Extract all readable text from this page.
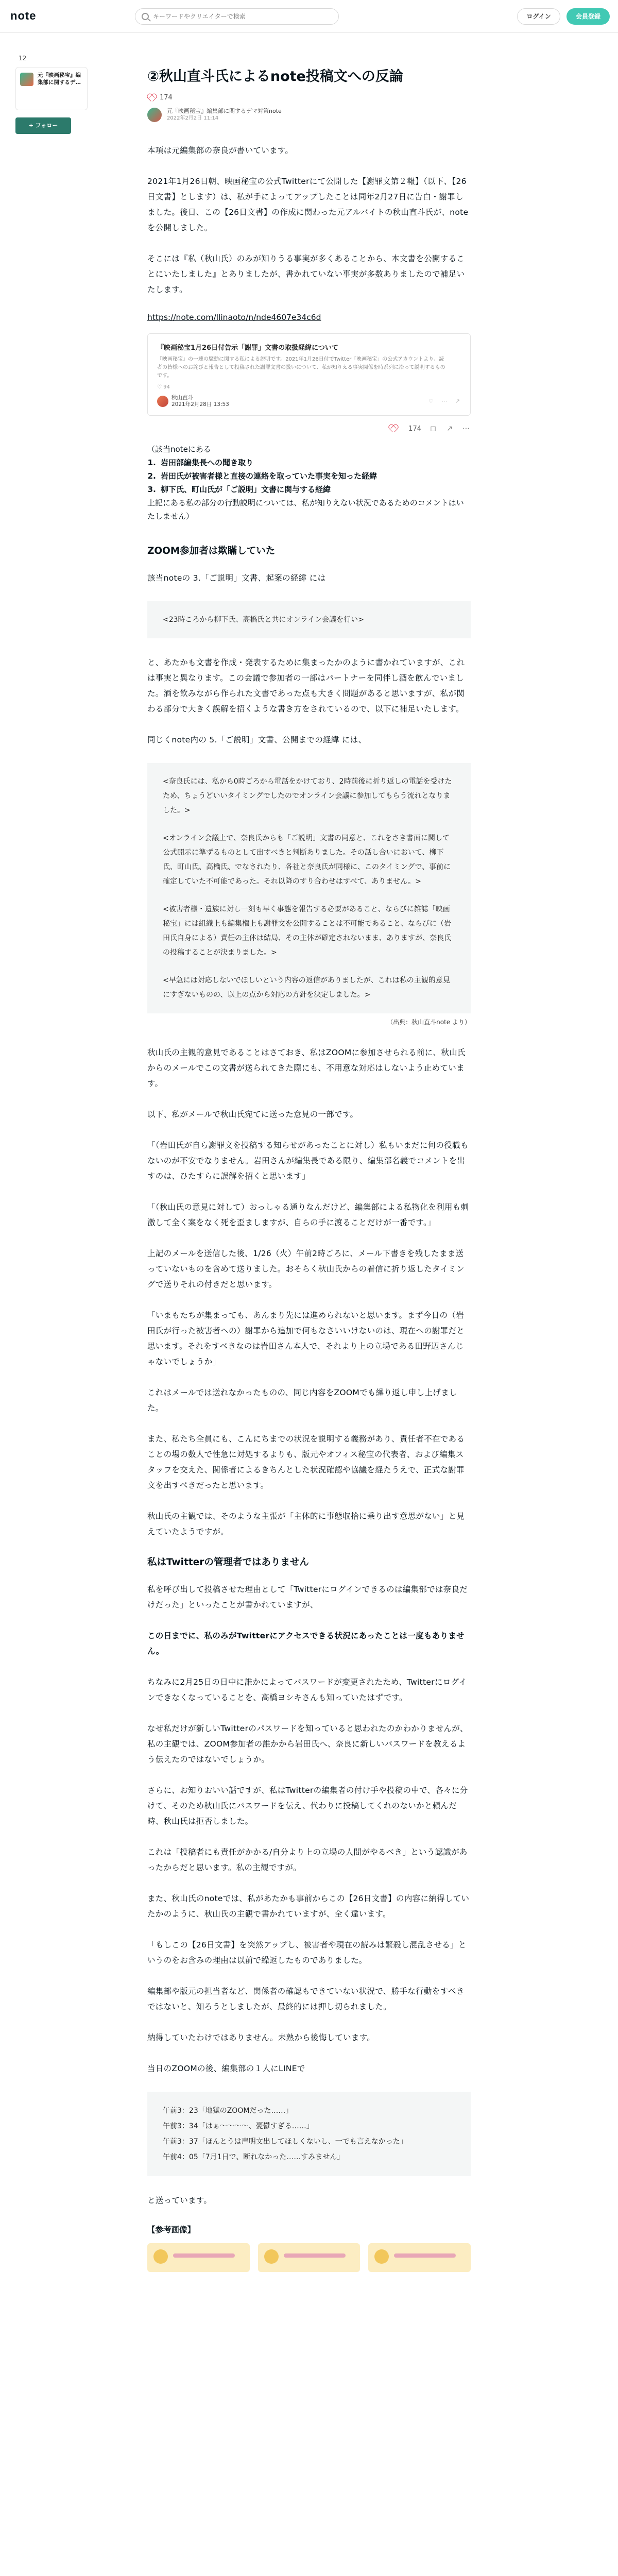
note
キーワードやクリエイターで検索	ログイン	会員登録
12
元『映画秘宝』編集部に関するデ…
+ フォロー
②秋山直斗氏によるnote投稿文への反論
174
元『映画秘宝』編集部に関するデマ対策note
2022年2月2日 11:14

本項は元編集部の奈良が書いています。

2021年1月26日朝、映画秘宝の公式Twitterにて公開した【謝罪文第２報】（以下、【26日文書】とします）は、私が手によってアップしたことは同年2月27日に告白・謝罪しました。後日、この【26日文書】の作成に関わった元アルバイトの秋山直斗氏が、noteを公開しました。

そこには『私（秋山氏）のみが知りうる事実が多くあることから、本文書を公開することにいたしました』とありましたが、書かれていない事実が多数ありましたので補足いたします。

https://note.com/llinaoto/n/nde4607e34c6d
『映画秘宝1月26日付告示「謝罪」文書の取扱経緯について
『映画秘宝』の一連の騒動に関する私による説明です。2021年1月26日付でTwitter「映画秘宝」の公式アカウントより、読者の皆様へのお詫びと報告として投稿された謝罪文書の扱いについて、私が知りえる事実関係を時系列に沿って説明するものです。
♡ 94
秋山直斗
2021年2月28日 13:53	♡ ⋯ ↗
174 ◻ ↗ ⋯
（該当noteにある
1. 岩田部編集長への聞き取り
2. 岩田氏が被害者様と直接の連絡を取っていた事実を知った経緯
3. 柳下氏、町山氏が「ご説明」文書に関与する経緯
上記にある私の部分の行動説明については、私が知りえない状況であるためのコメントはいたしません）
ZOOM参加者は欺瞞していた

該当noteの 3.「ご説明」文書、起案の経緯 には

<23時ころから柳下氏、高橋氏と共にオンライン会議を行い>

と、あたかも文書を作成・発表するために集まったかのように書かれていますが、これは事実と異なります。この会議で参加者の一部はパートナーを同伴し酒を飲んでいました。酒を飲みながら作られた文書であった点も大きく問題があると思いますが、私が関わる部分で大きく誤解を招くような書き方をされているので、以下に補足いたします。

同じくnote内の 5.「ご説明」文書、公開までの経緯 には、

<奈良氏には、私から0時ごろから電話をかけており、2時前後に折り返しの電話を受けたため、ちょうどいいタイミングでしたのでオンライン会議に参加してもらう流れとなりました。>

<オンライン会議上で、奈良氏からも「ご説明」文書の同意と、これをさき書面に関して公式開示に準ずるものとして出すべきと判断ありました。その話し合いにおいて、柳下氏、町山氏、高橋氏、でなされたり、各社と奈良氏が同様に、このタイミングで、事前に確定していた不可能であった。それ以降のすり合わせはすべて、ありません。>

<被害者様・遺族に対し一刻も早く事態を報告する必要があること、ならびに雑誌「映画秘宝」には組織上も編集権上も謝罪文を公開することは不可能であること、ならびに（岩田氏自身による）責任の主体は結局、その主体が確定されないまま、ありますが、奈良氏の投稿することが決まりました。>

<早急には対応しないでほしいという内容の返信がありましたが、これは私の主観的意見にすぎないものの、以上の点から対応の方針を決定しました。>

（出典：秋山直斗note より）

秋山氏の主観的意見であることはさておき、私はZOOMに参加させられる前に、秋山氏からのメールでこの文書が送られてきた際にも、不用意な対応はしないよう止めています。

以下、私がメールで秋山氏宛てに送った意見の一部です。

「（岩田氏が自ら謝罪文を投稿する知らせがあったことに対し）私もいまだに何の役職もないのが不安でなりません。岩田さんが編集長である限り、編集部名義でコメントを出すのは、ひたすらに誤解を招くと思います」

「（秋山氏の意見に対して）おっしゃる通りなんだけど、編集部による私物化を利用も刺激して全く案をなく死を歪ましますが、自らの手に渡ることだけが一番です。」

上記のメールを送信した後、1/26（火）午前2時ごろに、メール下書きを残したまま送っていないものを含めて送りました。おそらく秋山氏からの着信に折り返したタイミングで送りそれの付きだと思います。

「いまもたちが集まっても、あんまり先には進められないと思います。まず今日の（岩田氏が行った被害者への）謝罪から追加で何もなさいいけないのは、現在への謝罪だと思います。それをすべきなのは岩田さん本人で、それより上の立場である田野辺さんじゃないでしょうか」

これはメールでは送れなかったものの、同じ内容をZOOMでも繰り返し申し上げました。

また、私たち全員にも、こんにちまでの状況を説明する義務があり、責任者不在であることの場の数人で性急に対処するよりも、版元やオフィス秘宝の代表者、および編集スタッフを交えた、関係者によるきちんとした状況確認や協議を経たうえで、正式な謝罪文を出すべきだったと思います。

秋山氏の主観では、そのような主張が「主体的に事態収拾に乗り出す意思がない」と見えていたようですが。

私はTwitterの管理者ではありません

私を呼び出して投稿させた理由として「Twitterにログインできるのは編集部では奈良だけだった」といったことが書かれていますが、

この日までに、私のみがTwitterにアクセスできる状況にあったことは一度もありません。

ちなみに2月25日の日中に誰かによってパスワードが変更されたため、Twitterにログインできなくなっていることを、高橋ヨシキさんも知っていたはずです。

なぜ私だけが新しいTwitterのパスワードを知っていると思われたのかわかりませんが、私の主観では、ZOOM参加者の誰かから岩田氏へ、奈良に新しいパスワードを教えるよう伝えたのではないでしょうか。

さらに、お知りおいい話ですが、私はTwitterの編集者の付け手や投稿の中で、各々に分けて、そのため秋山氏にパスワードを伝え、代わりに投稿してくれのないかと頼んだ時、秋山氏は拒否しました。

これは「投稿者にも責任がかかる/自分より上の立場の人間がやるべき」という認識があったからだと思います。私の主観ですが。

また、秋山氏のnoteでは、私があたかも事前からこの【26日文書】の内容に納得していたかのように、秋山氏の主観で書かれていますが、全く違います。

「もしこの【26日文書】を突然アップし、被害者や現在の読みは繁殺し混乱させる」というのをお含みの理由は以前で繰返したものでありました。

編集部や版元の担当者など、関係者の確認もできていない状況で、勝手な行動をすべきではないと、知ろうとしましたが、最終的には押し切られました。

納得していたわけではありません。未熟から後悔しています。

当日のZOOMの後、編集部の１人にLINEで

午前3：23「地獄のZOOMだった……」
午前3：34「はぁ〜〜〜〜、憂鬱すぎる……」
午前3：37「ほんとうは声明文出してほしくないし、一でも言えなかった」
午前4：05「7月1日で、断れなかった……すみません」

と送っています。

【参考画像】
